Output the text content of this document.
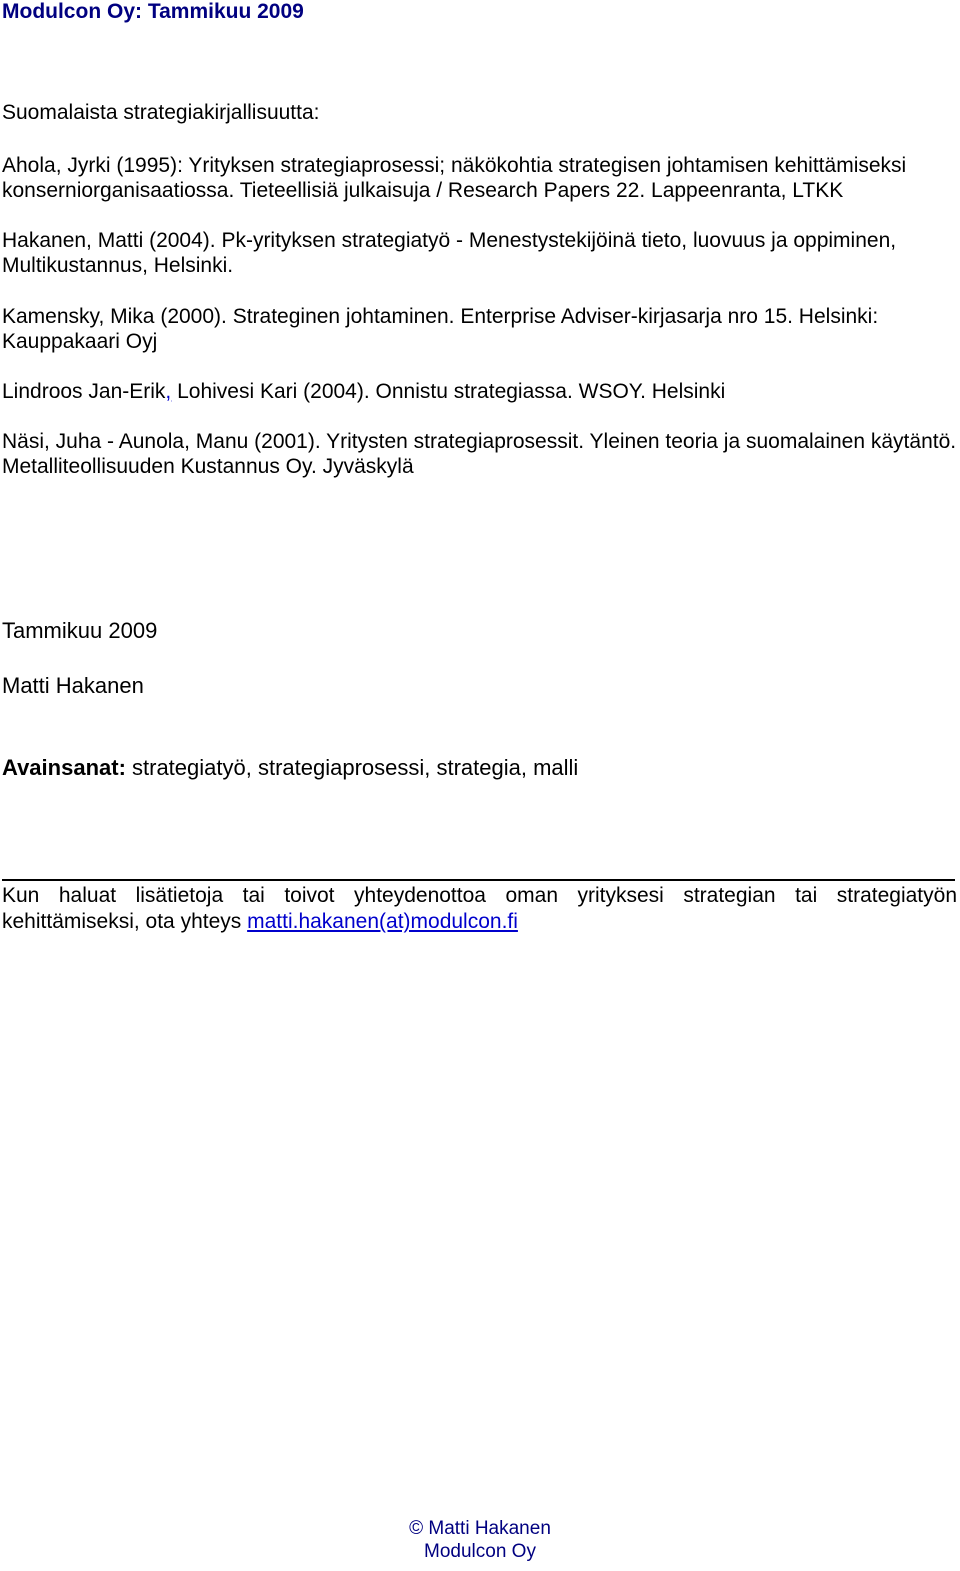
Modulcon Oy: Tammikuu 2009

Suomalaista strategiakirjallisuutta:

Ahola, Jyrki (1995): Yrityksen strategiaprosessi; näkökohtia strategisen johtamisen kehittämiseksi konserniorganisaatiossa. Tieteellisiä julkaisuja / Research Papers 22. Lappeenranta, LTKK

Hakanen, Matti (2004). Pk-yrityksen strategiatyö - Menestystekijöinä tieto, luovuus ja oppiminen, Multikustannus, Helsinki.

Kamensky, Mika (2000). Strateginen johtaminen. Enterprise Adviser-kirjasarja nro 15. Helsinki: Kauppakaari Oyj

Lindroos Jan-Erik, Lohivesi Kari (2004). Onnistu strategiassa. WSOY. Helsinki

Näsi, Juha - Aunola, Manu (2001). Yritysten strategiaprosessit. Yleinen teoria ja suomalainen käytäntö. Metalliteollisuuden Kustannus Oy. Jyväskylä

Tammikuu 2009

Matti Hakanen

Avainsanat: strategiatyö, strategiaprosessi, strategia, malli

Kun haluat lisätietoja tai toivot yhteydenottoa oman yrityksesi strategian tai strategiatyön kehittämiseksi, ota yhteys matti.hakanen(at)modulcon.fi

© Matti Hakanen
Modulcon Oy
